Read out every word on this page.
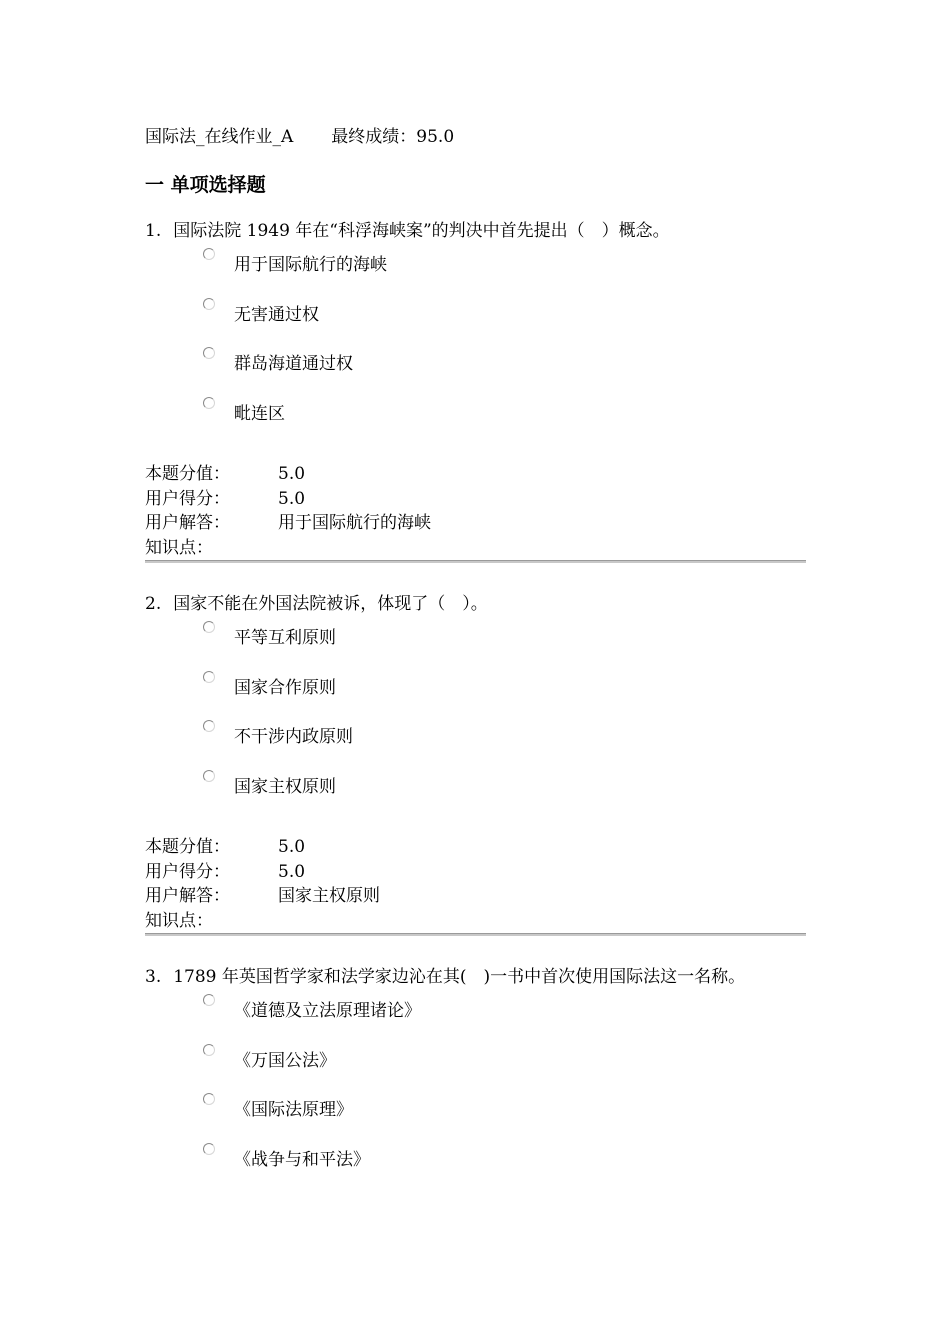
国际法_在线作业_A 最终成绩：95.0
一 单项选择题
1. 国际法院 1949 年在“科浮海峡案”的判决中首先提出（　）概念。
用于国际航行的海峡
无害通过权
群岛海道通过权
毗连区
本题分值：	5.0
用户得分：	5.0
用户解答：	用于国际航行的海峡
知识点：
2. 国家不能在外国法院被诉，体现了（　）。
平等互利原则
国家合作原则
不干涉内政原则
国家主权原则
本题分值：	5.0
用户得分：	5.0
用户解答：	国家主权原则
知识点：
3. 1789 年英国哲学家和法学家边沁在其(　)一书中首次使用国际法这一名称。
《道德及立法原理诸论》
《万国公法》
《国际法原理》
《战争与和平法》
